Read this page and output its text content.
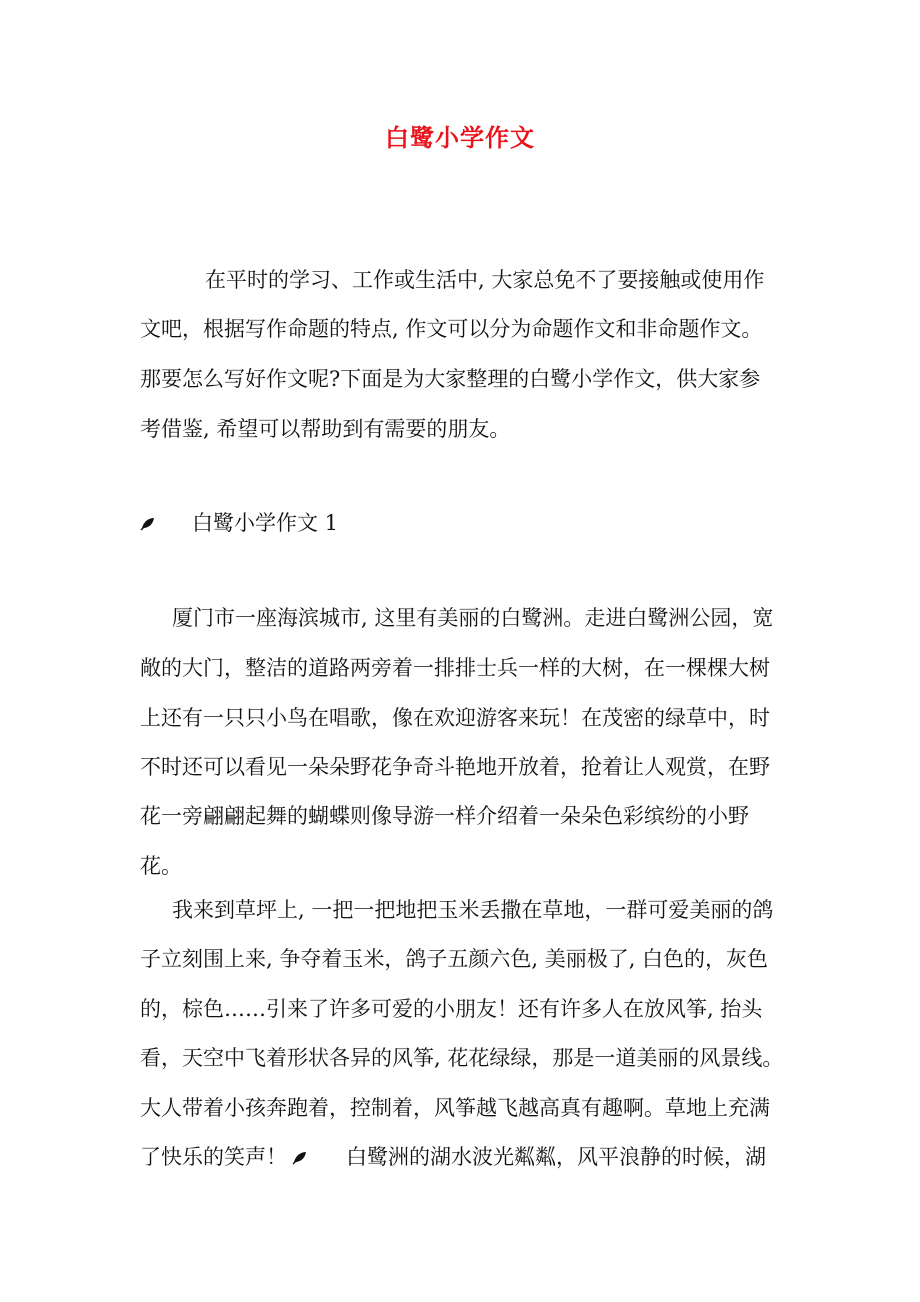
白鹭小学作文
在平时的学习、工作或生活中, 大家总免不了要接触或使用作
文吧，根据写作命题的特点, 作文可以分为命题作文和非命题作文。
那要怎么写好作文呢?下面是为大家整理的白鹭小学作文，供大家参
考借鉴, 希望可以帮助到有需要的朋友。
白鹭小学作文 1
厦门市一座海滨城市, 这里有美丽的白鹭洲。走进白鹭洲公园，宽
敞的大门，整洁的道路两旁着一排排士兵一样的大树，在一棵棵大树
上还有一只只小鸟在唱歌，像在欢迎游客来玩！在茂密的绿草中，时
不时还可以看见一朵朵野花争奇斗艳地开放着，抢着让人观赏，在野
花一旁翩翩起舞的蝴蝶则像导游一样介绍着一朵朵色彩缤纷的小野
花。
我来到草坪上, 一把一把地把玉米丢撒在草地，一群可爱美丽的鸽
子立刻围上来, 争夺着玉米，鸽子五颜六色, 美丽极了, 白色的，灰色
的，棕色……引来了许多可爱的小朋友！还有许多人在放风筝, 抬头
看，天空中飞着形状各异的风筝, 花花绿绿，那是一道美丽的风景线。
大人带着小孩奔跑着，控制着，风筝越飞越高真有趣啊。草地上充满
了快乐的笑声！	白鹭洲的湖水波光粼粼，风平浪静的时候，湖
